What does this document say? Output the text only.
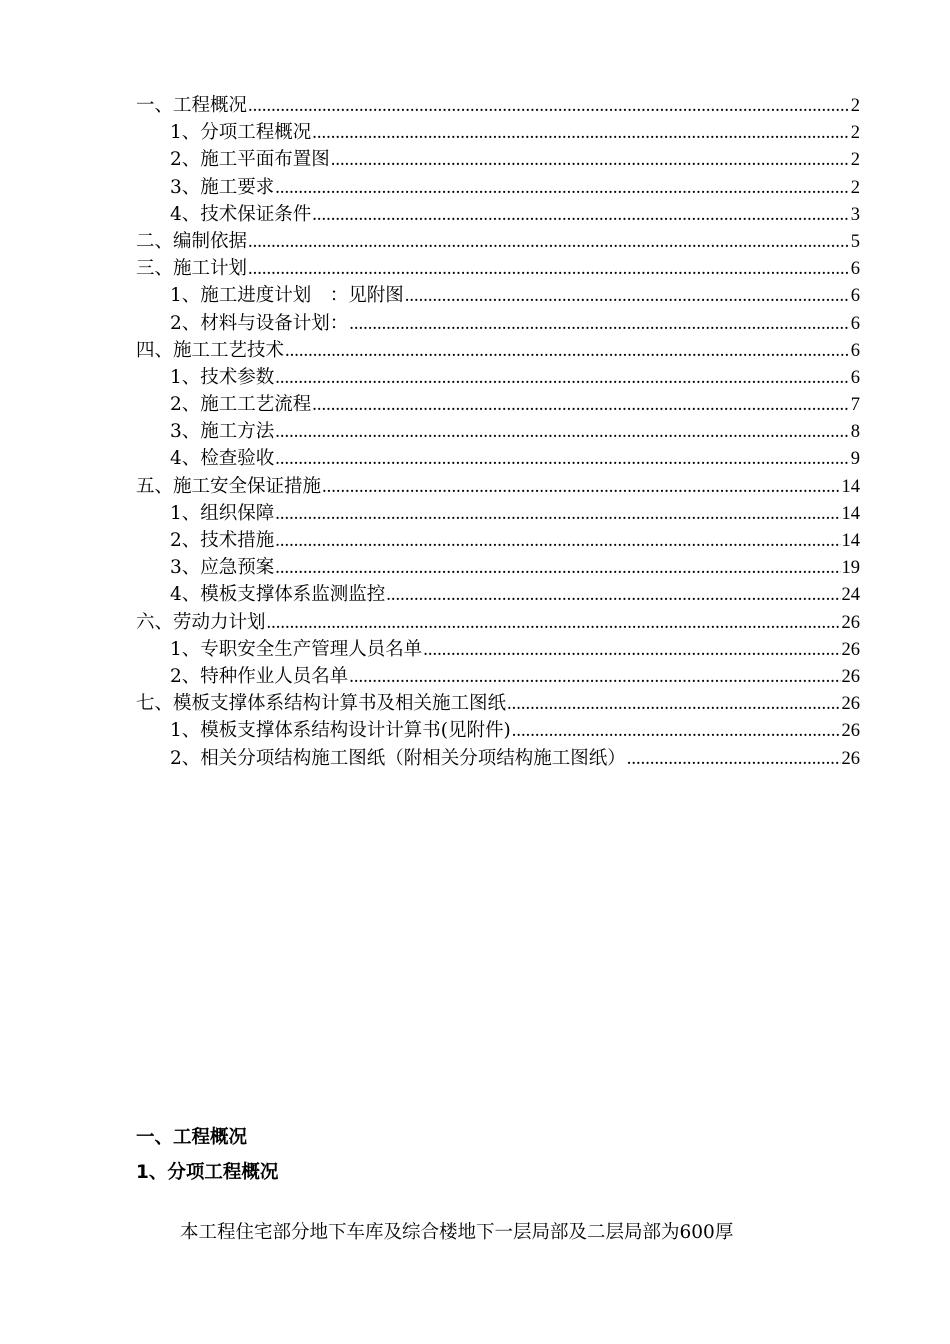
一、工程概况 .....	2
1、分项工程概况 .....	2
2、施工平面布置图 .....	2
3、施工要求 .....	2
4、技术保证条件 .....	3
二、编制依据 .....	5
三、施工计划 .....	6
1、施工进度计划　：见附图 .....	6
2、材料与设备计划： .....	6
四、施工工艺技术 .....	6
1、技术参数 .....	6
2、施工工艺流程 .....	7
3、施工方法 .....	8
4、检查验收 .....	9
五、施工安全保证措施 .....	14
1、组织保障 .....	14
2、技术措施 .....	14
3、应急预案 .....	19
4、模板支撑体系监测监控 .....	24
六、劳动力计划 .....	26
1、专职安全生产管理人员名单 .....	26
2、特种作业人员名单 .....	26
七、模板支撑体系结构计算书及相关施工图纸 .....	26
1、模板支撑体系结构设计计算书(见附件) .....	26
2、相关分项结构施工图纸（附相关分项结构施工图纸） .....	26
一、工程概况
1、分项工程概况
本工程住宅部分地下车库及综合楼地下一层局部及二层局部为600厚
